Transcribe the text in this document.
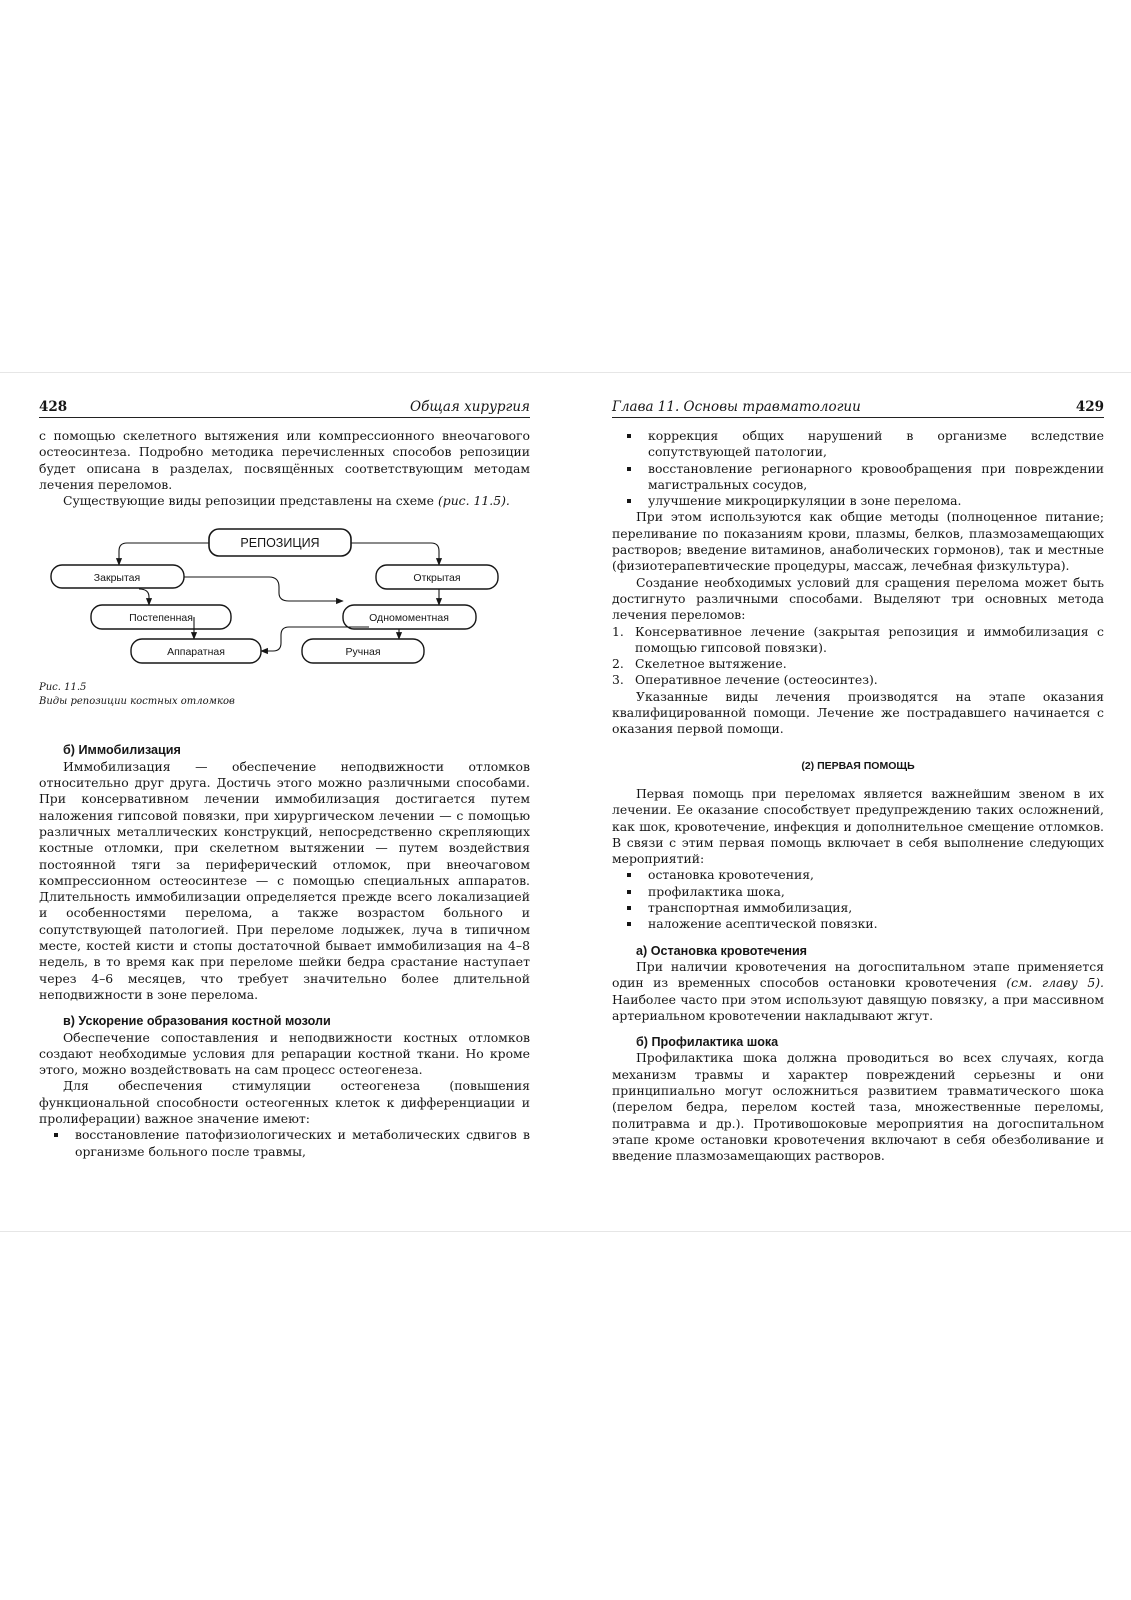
428	Общая хирургия

с помощью скелетного вытяжения или компрессионного внеочагового остеосинтеза. Подробно методика перечисленных способов репозиции будет описана в разделах, посвящённых соответствующим методам лечения переломов.

Существующие виды репозиции представлены на схеме (рис. 11.5).

РЕПОЗИЦИЯ
Закрытая	Открытая
Постепенная	Одномоментная
Аппаратная	Ручная
Рис. 11.5
Виды репозиции костных отломков

б) Иммобилизация

Иммобилизация — обеспечение неподвижности отломков относительно друг друга. Достичь этого можно различными способами. При консервативном лечении иммобилизация достигается путем наложения гипсовой повязки, при хирургическом лечении — с помощью различных металлических конструкций, непосредственно скрепляющих костные отломки, при скелетном вытяжении — путем воздействия постоянной тяги за периферический отломок, при внеочаговом компрессионном остеосинтезе — с помощью специальных аппаратов. Длительность иммобилизации определяется прежде всего локализацией и особенностями перелома, а также возрастом больного и сопутствующей патологией. При переломе лодыжек, луча в типичном месте, костей кисти и стопы достаточной бывает иммобилизация на 4–8 недель, в то время как при переломе шейки бедра срастание наступает через 4–6 месяцев, что требует значительно более длительной неподвижности в зоне перелома.

в) Ускорение образования костной мозоли

Обеспечение сопоставления и неподвижности костных отломков создают необходимые условия для репарации костной ткани. Но кроме этого, можно воздействовать на сам процесс остеогенеза.

Для обеспечения стимуляции остеогенеза (повышения функциональной способности остеогенных клеток к дифференциации и пролиферации) важное значение имеют:

восстановление патофизиологических и метаболических сдвигов в организме больного после травмы,
Глава 11. Основы травматологии	429
коррекция общих нарушений в организме вследствие сопутствующей патологии,
восстановление регионарного кровообращения при повреждении магистральных сосудов,
улучшение микроциркуляции в зоне перелома.

При этом используются как общие методы (полноценное питание; переливание по показаниям крови, плазмы, белков, плазмозамещающих растворов; введение витаминов, анаболических гормонов), так и местные (физиотерапевтические процедуры, массаж, лечебная физкультура).

Создание необходимых условий для сращения перелома может быть достигнуто различными способами. Выделяют три основных метода лечения переломов:

1. Консервативное лечение (закрытая репозиция и иммобилизация с помощью гипсовой повязки).
2. Скелетное вытяжение.
3. Оперативное лечение (остеосинтез).

Указанные виды лечения производятся на этапе оказания квалифицированной помощи. Лечение же пострадавшего начинается с оказания первой помощи.

(2) ПЕРВАЯ ПОМОЩЬ

Первая помощь при переломах является важнейшим звеном в их лечении. Ее оказание способствует предупреждению таких осложнений, как шок, кровотечение, инфекция и дополнительное смещение отломков. В связи с этим первая помощь включает в себя выполнение следующих мероприятий:

остановка кровотечения,
профилактика шока,
транспортная иммобилизация,
наложение асептической повязки.

а) Остановка кровотечения

При наличии кровотечения на догоспитальном этапе применяется один из временных способов остановки кровотечения (см. главу 5). Наиболее часто при этом используют давящую повязку, а при массивном артериальном кровотечении накладывают жгут.

б) Профилактика шока

Профилактика шока должна проводиться во всех случаях, когда механизм травмы и характер повреждений серьезны и они принципиально могут осложниться развитием травматического шока (перелом бедра, перелом костей таза, множественные переломы, политравма и др.). Противошоковые мероприятия на догоспитальном этапе кроме остановки кровотечения включают в себя обезболивание и введение плазмозамещающих растворов.
